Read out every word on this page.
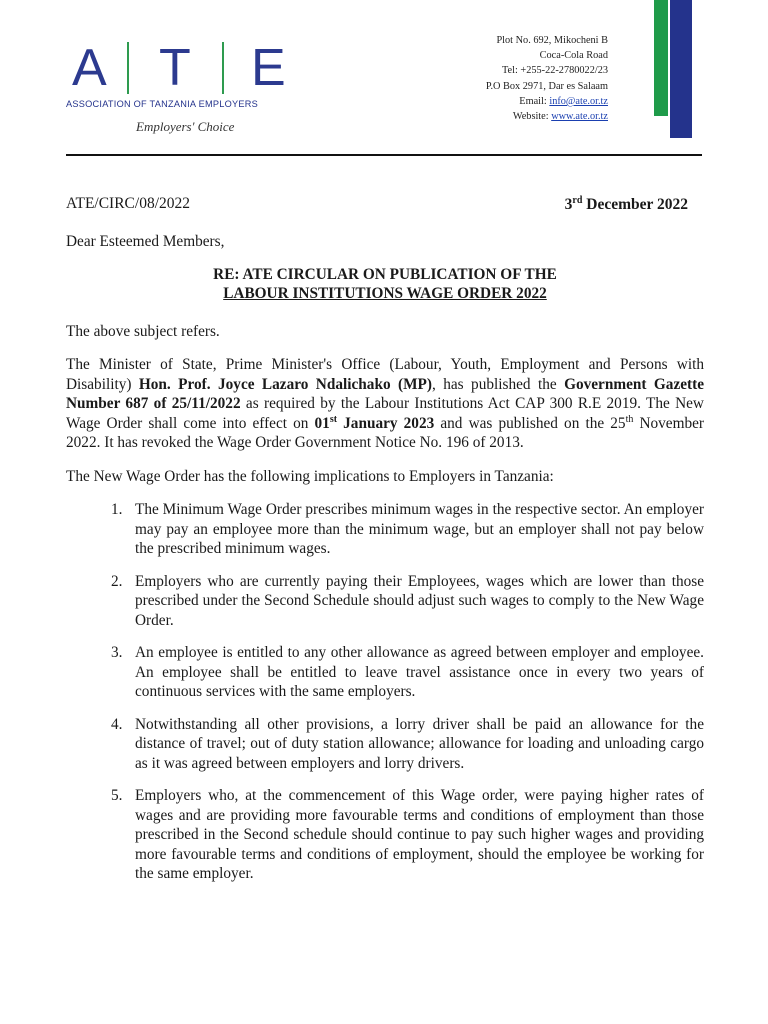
A T E
ASSOCIATION OF TANZANIA EMPLOYERS
Employers' Choice
Plot No. 692, Mikocheni B
Coca-Cola Road
Tel: +255-22-2780022/23
P.O Box 2971, Dar es Salaam
Email: info@ate.or.tz
Website: www.ate.or.tz
ATE/CIRC/08/2022	3rd December 2022

Dear Esteemed Members,

RE: ATE CIRCULAR ON PUBLICATION OF THE
LABOUR INSTITUTIONS WAGE ORDER 2022

The above subject refers.

The Minister of State, Prime Minister's Office (Labour, Youth, Employment and Persons with Disability) Hon. Prof. Joyce Lazaro Ndalichako (MP), has published the Government Gazette Number 687 of 25/11/2022 as required by the Labour Institutions Act CAP 300 R.E 2019. The New Wage Order shall come into effect on 01st January 2023 and was published on the 25th November 2022. It has revoked the Wage Order Government Notice No. 196 of 2013.

The New Wage Order has the following implications to Employers in Tanzania:

1. The Minimum Wage Order prescribes minimum wages in the respective sector. An employer may pay an employee more than the minimum wage, but an employer shall not pay below the prescribed minimum wages.
2. Employers who are currently paying their Employees, wages which are lower than those prescribed under the Second Schedule should adjust such wages to comply to the New Wage Order.
3. An employee is entitled to any other allowance as agreed between employer and employee. An employee shall be entitled to leave travel assistance once in every two years of continuous services with the same employers.
4. Notwithstanding all other provisions, a lorry driver shall be paid an allowance for the distance of travel; out of duty station allowance; allowance for loading and unloading cargo as it was agreed between employers and lorry drivers.
5. Employers who, at the commencement of this Wage order, were paying higher rates of wages and are providing more favourable terms and conditions of employment than those prescribed in the Second schedule should continue to pay such higher wages and providing more favourable terms and conditions of employment, should the employee be working for the same employer.
